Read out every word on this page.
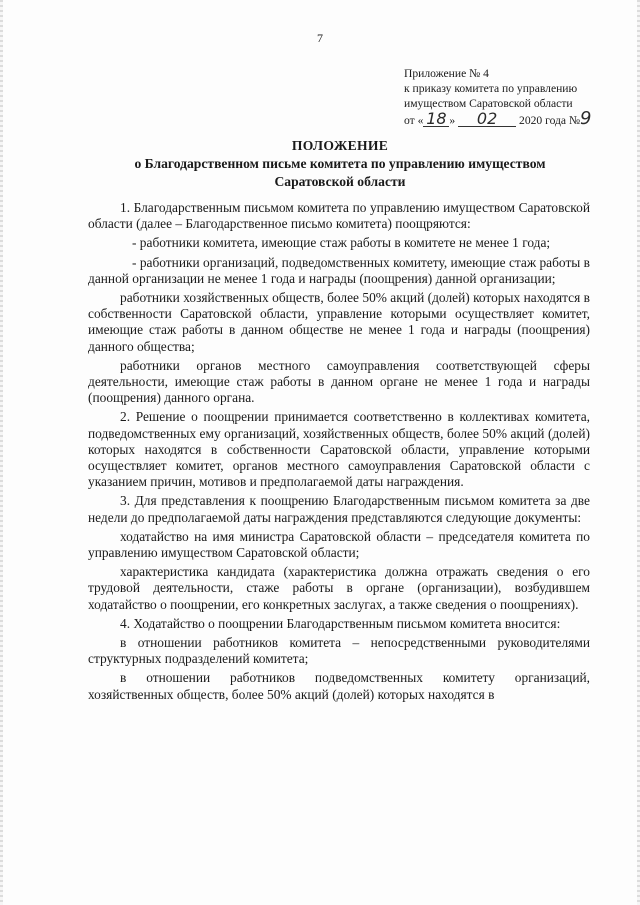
7
Приложение № 4
к приказу комитета по управлению
имуществом Саратовской области
от « 18 » 02 2020 года №9
ПОЛОЖЕНИЕ
о Благодарственном письме комитета по управлению имуществом
Саратовской области

1. Благодарственным письмом комитета по управлению имуществом Саратовской области (далее – Благодарственное письмо комитета) поощряются:

- работники комитета, имеющие стаж работы в комитете не менее 1 года;

- работники организаций, подведомственных комитету, имеющие стаж работы в данной организации не менее 1 года и награды (поощрения) данной организации;

работники хозяйственных обществ, более 50% акций (долей) которых находятся в собственности Саратовской области, управление которыми осуществляет комитет, имеющие стаж работы в данном обществе не менее 1 года и награды (поощрения) данного общества;

работники органов местного самоуправления соответствующей сферы деятельности, имеющие стаж работы в данном органе не менее 1 года и награды (поощрения) данного органа.

2. Решение о поощрении принимается соответственно в коллективах комитета, подведомственных ему организаций, хозяйственных обществ, более 50% акций (долей) которых находятся в собственности Саратовской области, управление которыми осуществляет комитет, органов местного самоуправления Саратовской области с указанием причин, мотивов и предполагаемой даты награждения.

3. Для представления к поощрению Благодарственным письмом комитета за две недели до предполагаемой даты награждения представляются следующие документы:

ходатайство на имя министра Саратовской области – председателя комитета по управлению имуществом Саратовской области;

характеристика кандидата (характеристика должна отражать сведения о его трудовой деятельности, стаже работы в органе (организации), возбудившем ходатайство о поощрении, его конкретных заслугах, а также сведения о поощрениях).

4. Ходатайство о поощрении Благодарственным письмом комитета вносится:

в отношении работников комитета – непосредственными руководителями структурных подразделений комитета;

в отношении работников подведомственных комитету организаций, хозяйственных обществ, более 50% акций (долей) которых находятся в
